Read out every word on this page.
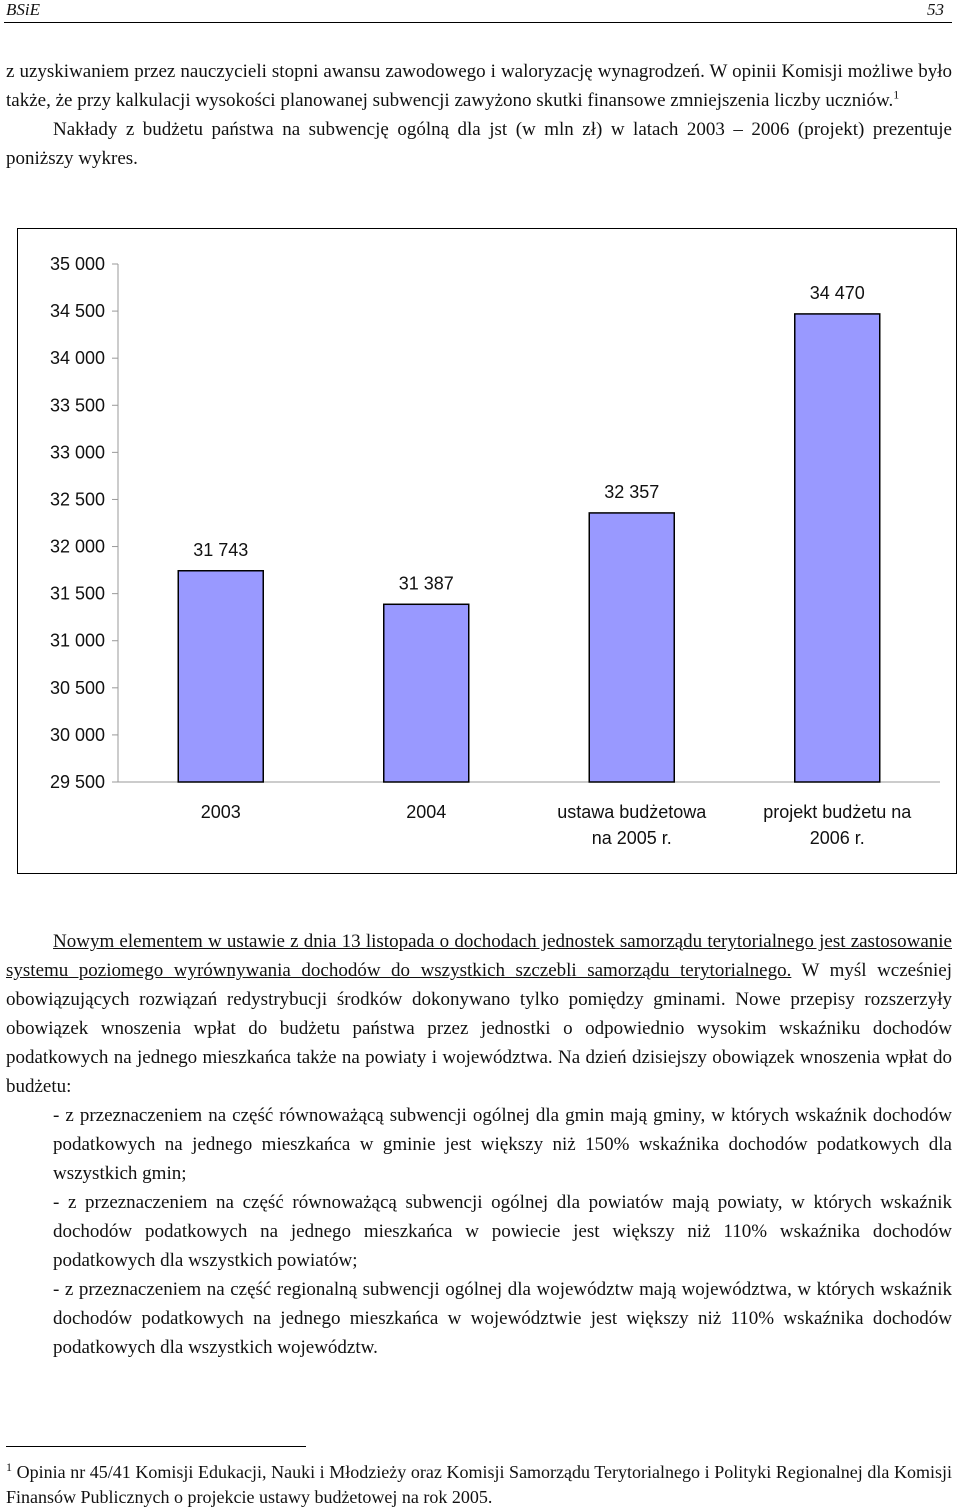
BSiE	53

z uzyskiwaniem przez nauczycieli stopni awansu zawodowego i waloryzację wynagrodzeń. W opinii Komisji możliwe było także, że przy kalkulacji wysokości planowanej subwencji zawyżono skutki finansowe zmniejszenia liczby uczniów.$^1$

Nakłady z budżetu państwa na subwencję ogólną dla jst (w mln zł) w latach 2003 – 2006 (projekt) prezentuje poniższy wykres.

35 000
34 500
34 000
33 500
33 000
32 500
32 000
31 500
31 000
30 500
30 000
29 500
31 743
2003
31 387
2004
32 357
ustawa budżetowa
na 2005 r.
34 470
projekt budżetu na
2006 r.

Nowym elementem w ustawie z dnia 13 listopada o dochodach jednostek samorządu terytorialnego jest zastosowanie systemu poziomego wyrównywania dochodów do wszystkich szczebli samorządu terytorialnego. W myśl wcześniej obowiązujących rozwiązań redystrybucji środków dokonywano tylko pomiędzy gminami. Nowe przepisy rozszerzyły obowiązek wnoszenia wpłat do budżetu państwa przez jednostki o odpowiednio wysokim wskaźniku dochodów podatkowych na jednego mieszkańca także na powiaty i województwa. Na dzień dzisiejszy obowiązek wnoszenia wpłat do budżetu:

- z przeznaczeniem na część równoważącą subwencji ogólnej dla gmin mają gminy, w których wskaźnik dochodów podatkowych na jednego mieszkańca w gminie jest większy niż 150% wskaźnika dochodów podatkowych dla wszystkich gmin;

- z przeznaczeniem na część równoważącą subwencji ogólnej dla powiatów mają powiaty, w których wskaźnik dochodów podatkowych na jednego mieszkańca w powiecie jest większy niż 110% wskaźnika dochodów podatkowych dla wszystkich powiatów;

- z przeznaczeniem na część regionalną subwencji ogólnej dla województw mają województwa, w których wskaźnik dochodów podatkowych na jednego mieszkańca w województwie jest większy niż 110% wskaźnika dochodów podatkowych dla wszystkich województw.

$^1$ Opinia nr 45/41 Komisji Edukacji, Nauki i Młodzieży oraz Komisji Samorządu Terytorialnego i Polityki Regionalnej dla Komisji Finansów Publicznych o projekcie ustawy budżetowej na rok 2005.
